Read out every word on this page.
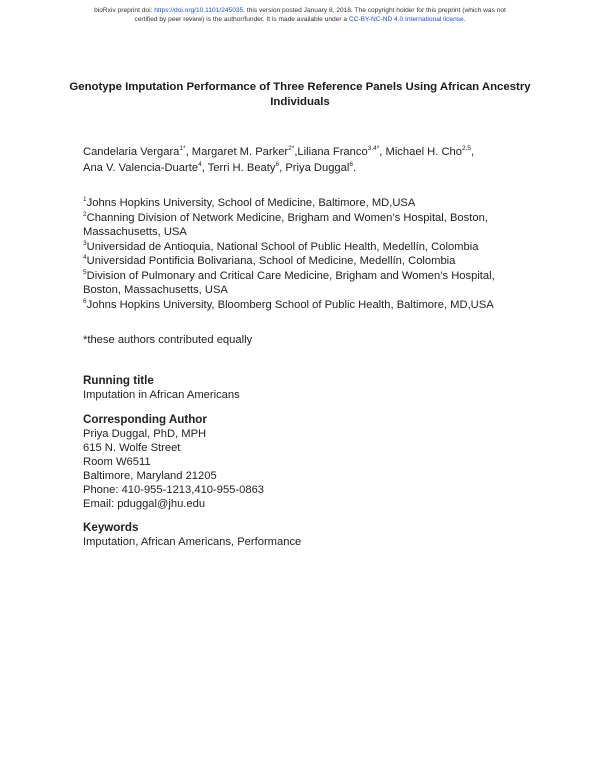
bioRxiv preprint doi: https://doi.org/10.1101/245035. this version posted January 8, 2018. The copyright holder for this preprint (which was not
certified by peer review) is the author/funder. It is made available under a CC-BY-NC-ND 4.0 International license.
Genotype Imputation Performance of Three Reference Panels Using African Ancestry Individuals
Candelaria Vergara$^{1*}$, Margaret M. Parker$^{2*}$,Liliana Franco$^{3,4*}$, Michael H. Cho$^{2,5}$,
Ana V. Valencia-Duarte$^4$, Terri H. Beaty$^6$, Priya Duggal$^6$.

$^1$Johns Hopkins University, School of Medicine, Baltimore, MD,USA

$^2$Channing Division of Network Medicine, Brigham and Women’s Hospital, Boston, Massachusetts, USA

$^3$Universidad de Antioquia, National School of Public Health, Medellín, Colombia

$^4$Universidad Pontificia Bolivariana, School of Medicine, Medellín, Colombia

$^5$Division of Pulmonary and Critical Care Medicine, Brigham and Women’s Hospital, Boston, Massachusetts, USA

$^6$Johns Hopkins University, Bloomberg School of Public Health, Baltimore, MD,USA

*these authors contributed equally
Running title
Imputation in African Americans
Corresponding Author
Priya Duggal, PhD, MPH
615 N. Wolfe Street
Room W6511
Baltimore, Maryland 21205
Phone: 410-955-1213,410-955-0863
Email: pduggal@jhu.edu
Keywords
Imputation, African Americans, Performance
